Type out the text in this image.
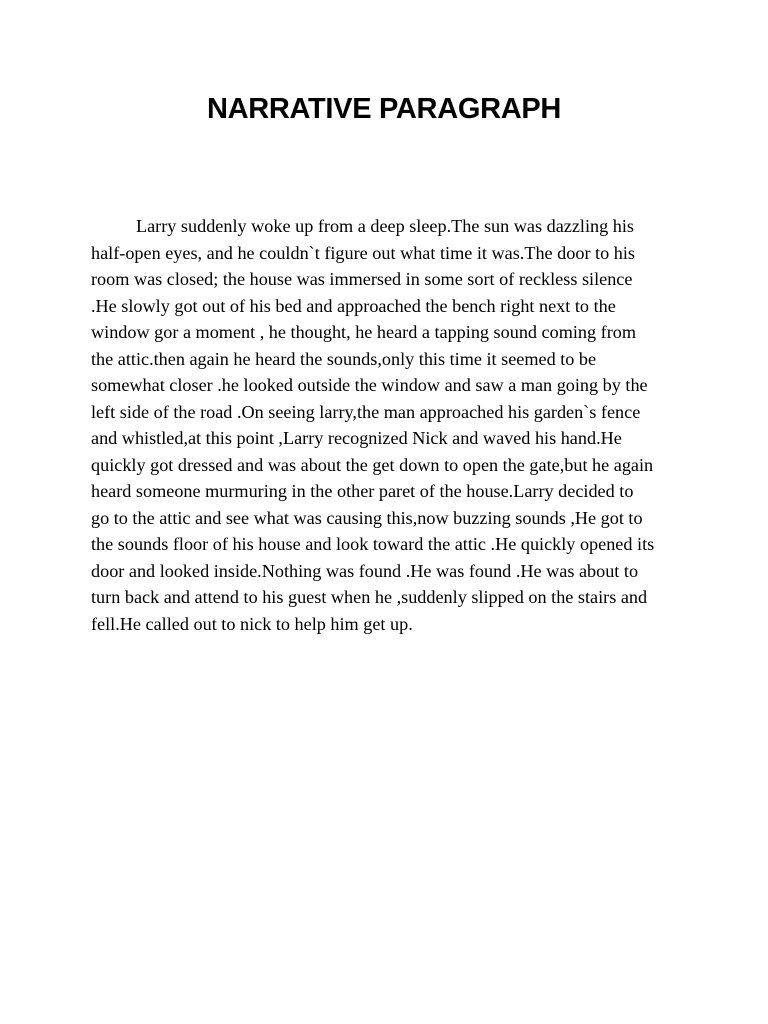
NARRATIVE PARAGRAPH

Larry suddenly woke up from a deep sleep.The sun was dazzling his
half-open eyes, and he couldn`t figure out what time it was.The door to his
room was closed; the house was immersed in some sort of reckless silence
.He slowly got out of his bed and approached the bench right next to the
window gor a moment , he thought, he heard a tapping sound coming from
the attic.then again he heard the sounds,only this time it seemed to be
somewhat closer .he looked outside the window and saw a man going by the
left side of the road .On seeing larry,the man approached his garden`s fence
and whistled,at this point ,Larry recognized Nick and waved his hand.He
quickly got dressed and was about the get down to open the gate,but he again
heard someone murmuring in the other paret of the house.Larry decided to
go to the attic and see what was causing this,now buzzing sounds ,He got to
the sounds floor of his house and look toward the attic .He quickly opened its
door and looked inside.Nothing was found .He was found .He was about to
turn back and attend to his guest when he ,suddenly slipped on the stairs and
fell.He called out to nick to help him get up.
